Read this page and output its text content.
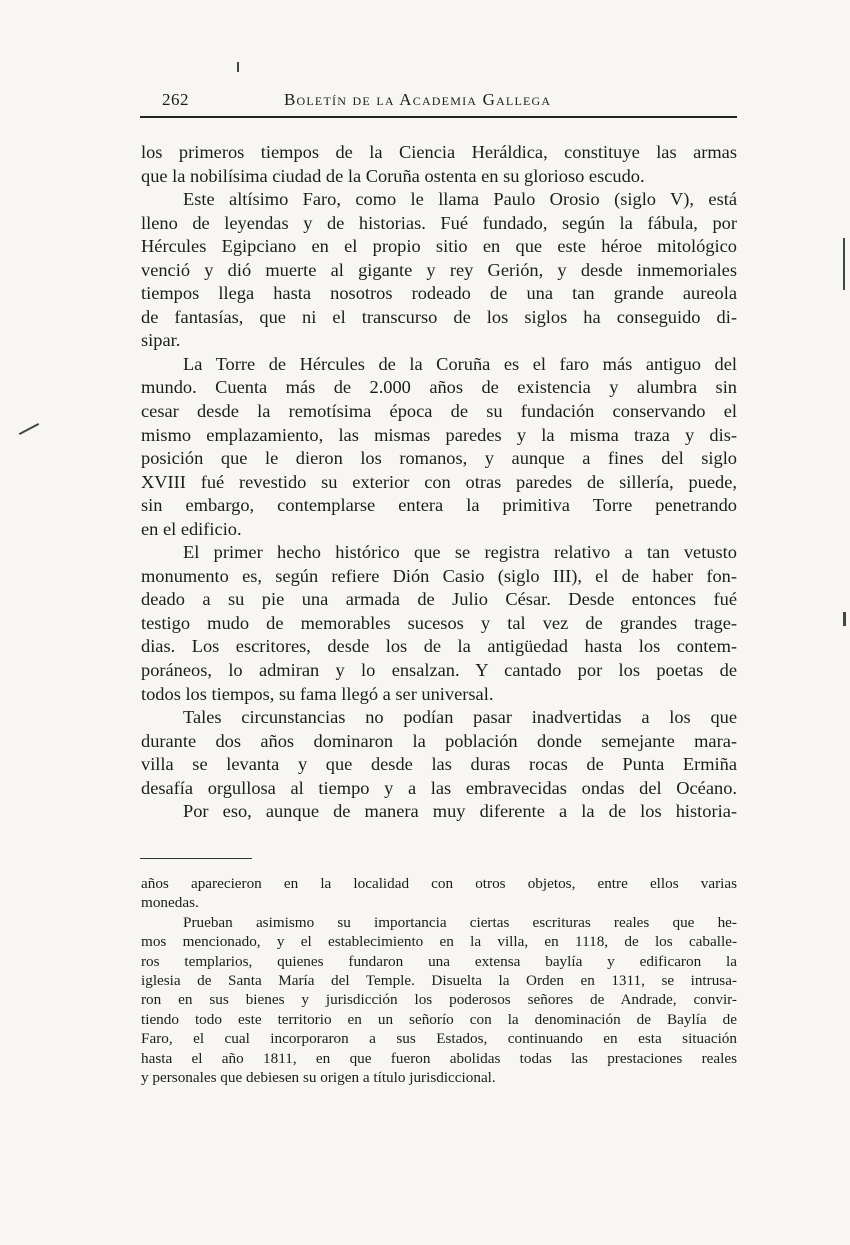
262	Boletín de la Academia Gallega
los primeros tiempos de la Ciencia Heráldica, constituye las armas
que la nobilísima ciudad de la Coruña ostenta en su glorioso escudo.
Este altísimo Faro, como le llama Paulo Orosio (siglo V), está
lleno de leyendas y de historias. Fué fundado, según la fábula, por
Hércules Egipciano en el propio sitio en que este héroe mitológico
venció y dió muerte al gigante y rey Gerión, y desde inmemoriales
tiempos llega hasta nosotros rodeado de una tan grande aureola
de fantasías, que ni el transcurso de los siglos ha conseguido di-
sipar.
La Torre de Hércules de la Coruña es el faro más antiguo del
mundo. Cuenta más de 2.000 años de existencia y alumbra sin
cesar desde la remotísima época de su fundación conservando el
mismo emplazamiento, las mismas paredes y la misma traza y dis-
posición que le dieron los romanos, y aunque a fines del siglo
XVIII fué revestido su exterior con otras paredes de sillería, puede,
sin embargo, contemplarse entera la primitiva Torre penetrando
en el edificio.
El primer hecho histórico que se registra relativo a tan vetusto
monumento es, según refiere Dión Casio (siglo III), el de haber fon-
deado a su pie una armada de Julio César. Desde entonces fué
testigo mudo de memorables sucesos y tal vez de grandes trage-
dias. Los escritores, desde los de la antigüedad hasta los contem-
poráneos, lo admiran y lo ensalzan. Y cantado por los poetas de
todos los tiempos, su fama llegó a ser universal.
Tales circunstancias no podían pasar inadvertidas a los que
durante dos años dominaron la población donde semejante mara-
villa se levanta y que desde las duras rocas de Punta Ermiña
desafía orgullosa al tiempo y a las embravecidas ondas del Océano.
Por eso, aunque de manera muy diferente a la de los historia-
años aparecieron en la localidad con otros objetos, entre ellos varias
monedas.
Prueban asimismo su importancia ciertas escrituras reales que he-
mos mencionado, y el establecimiento en la villa, en 1118, de los caballe-
ros templarios, quienes fundaron una extensa baylía y edificaron la
iglesia de Santa María del Temple. Disuelta la Orden en 1311, se intrusa-
ron en sus bienes y jurisdicción los poderosos señores de Andrade, convir-
tiendo todo este territorio en un señorío con la denominación de Baylía de
Faro, el cual incorporaron a sus Estados, continuando en esta situación
hasta el año 1811, en que fueron abolidas todas las prestaciones reales
y personales que debiesen su origen a título jurisdiccional.
